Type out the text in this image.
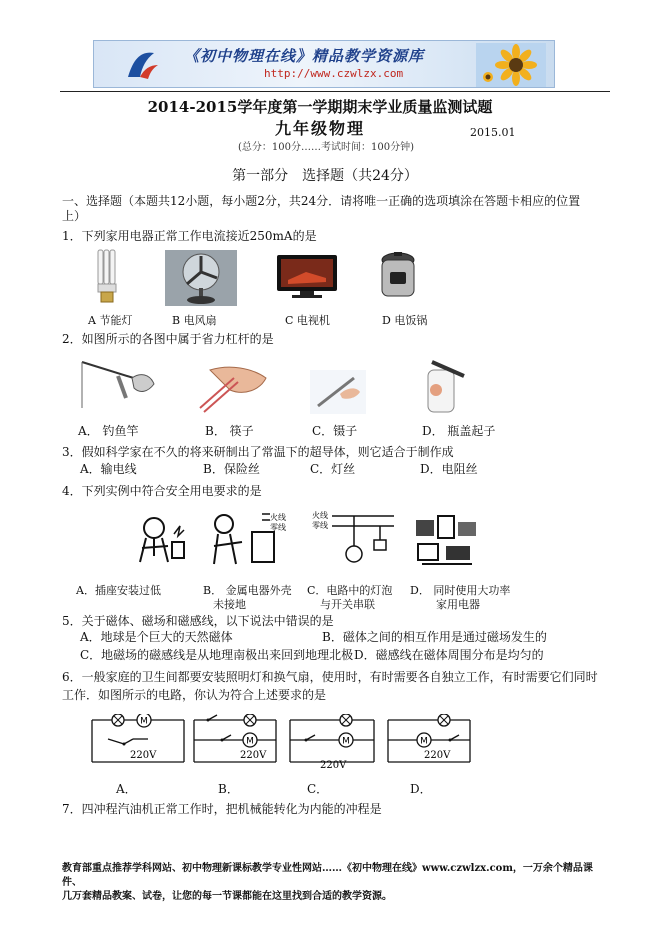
《初中物理在线》精品教学资源库
http://www.czwlzx.com
2014-2015学年度第一学期期末学业质量监测试题
九年级物理	2015.01
(总分：100分……考试时间：100分钟)
第一部分　选择题（共24分）
一、选择题（本题共12小题，每小题2分，共24分．请将唯一正确的选项填涂在答题卡相应的位置
上）
1．下列家用电器正常工作电流接近250mA的是
A 节能灯	B 电风扇	C 电视机	D 电饭锅
2．如图所示的各图中属于省力杠杆的是
A． 钓鱼竿	B． 筷子	C．镊子	D． 瓶盖起子
3．假如科学家在不久的将来研制出了常温下的超导体，则它适合于制作成
A．输电线	B．保险丝	C．灯丝	D．电阻丝
4．下列实例中符合安全用电要求的是
火线
零线
火线
零线
A．插座安装过低	B． 金属电器外壳
未接地
C．电路中的灯泡
与开关串联
D． 同时使用大功率
家用电器
5．关于磁体、磁场和磁感线，以下说法中错误的是
A．地球是个巨大的天然磁体	B．磁体之间的相互作用是通过磁场发生的
C．地磁场的磁感线是从地理南极出来回到地理北极 D．磁感线在磁体周围分布是均匀的
6．一般家庭的卫生间都要安装照明灯和换气扇，使用时，有时需要各自独立工作，有时需要它们同时
工作．如图所示的电路，你认为符合上述要求的是
M
220V
M
220V
M
220V
M
220V
A．	B．	C．	D．
7．四冲程汽油机正常工作时，把机械能转化为内能的冲程是
教育部重点推荐学科网站、初中物理新课标教学专业性网站……《初中物理在线》www.czwlzx.com，一万余个精品课件、
几万套精品教案、试卷，让您的每一节课都能在这里找到合适的教学资源。
